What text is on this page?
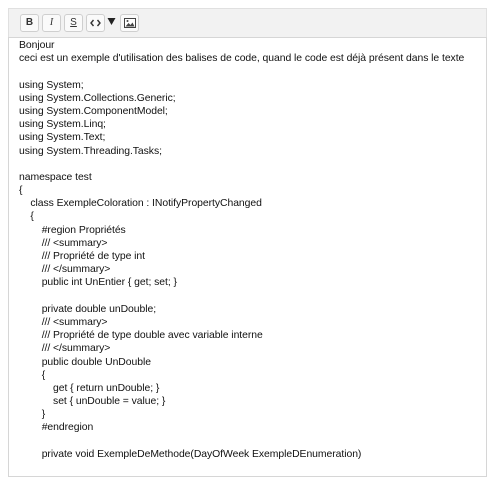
B	I	S
Bonjour
ceci est un exemple d'utilisation des balises de code, quand le code est déjà présent dans le texte
using System;
using System.Collections.Generic;
using System.ComponentModel;
using System.Linq;
using System.Text;
using System.Threading.Tasks;
namespace test
{
class ExempleColoration : INotifyPropertyChanged
{
#region Propriétés
/// <summary>
/// Propriété de type int
/// </summary>
public int UnEntier { get; set; }
private double unDouble;
/// <summary>
/// Propriété de type double avec variable interne
/// </summary>
public double UnDouble
{
get { return unDouble; }
set { unDouble = value; }
}
#endregion
private void ExempleDeMethode(DayOfWeek ExempleDEnumeration)
